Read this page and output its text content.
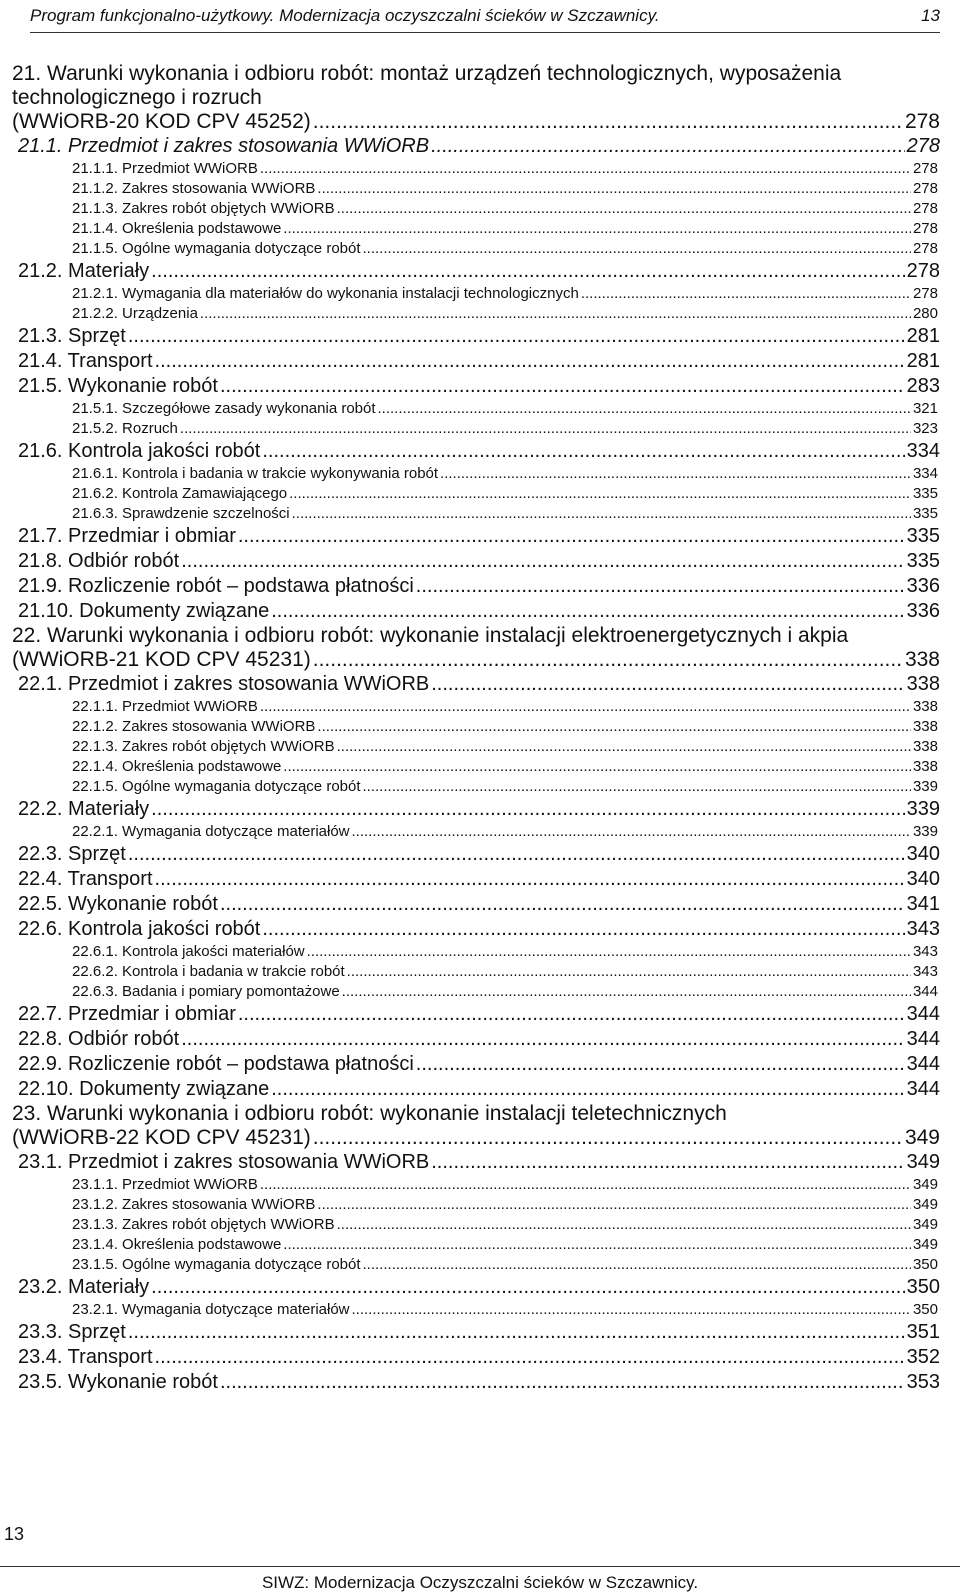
Program funkcjonalno-użytkowy. Modernizacja oczyszczalni ścieków w Szczawnicy.	13
21. Warunki wykonania i odbioru robót: montaż urządzeń technologicznych, wyposażenia
technologicznego i rozruch
(WWiORB-20 KOD CPV 45252) .....	278
21.1. Przedmiot i zakres stosowania WWiORB .....	278
21.1.1. Przedmiot WWiORB .....	278
21.1.2. Zakres stosowania WWiORB .....	278
21.1.3. Zakres robót objętych WWiORB .....	278
21.1.4. Określenia podstawowe .....	278
21.1.5. Ogólne wymagania dotyczące robót .....	278
21.2. Materiały .....	278
21.2.1. Wymagania dla materiałów do wykonania instalacji technologicznych .....	278
21.2.2. Urządzenia .....	280
21.3. Sprzęt .....	281
21.4. Transport .....	281
21.5. Wykonanie robót .....	283
21.5.1. Szczegółowe zasady wykonania robót .....	321
21.5.2. Rozruch .....	323
21.6. Kontrola jakości robót .....	334
21.6.1. Kontrola i badania w trakcie wykonywania robót .....	334
21.6.2. Kontrola Zamawiającego .....	335
21.6.3. Sprawdzenie szczelności .....	335
21.7. Przedmiar i obmiar .....	335
21.8. Odbiór robót .....	335
21.9. Rozliczenie robót – podstawa płatności .....	336
21.10. Dokumenty związane .....	336
22. Warunki wykonania i odbioru robót: wykonanie instalacji elektroenergetycznych i akpia
(WWiORB-21 KOD CPV 45231) .....	338
22.1. Przedmiot i zakres stosowania WWiORB .....	338
22.1.1. Przedmiot WWiORB .....	338
22.1.2. Zakres stosowania WWiORB .....	338
22.1.3. Zakres robót objętych WWiORB .....	338
22.1.4. Określenia podstawowe .....	338
22.1.5. Ogólne wymagania dotyczące robót .....	339
22.2. Materiały .....	339
22.2.1. Wymagania dotyczące materiałów .....	339
22.3. Sprzęt .....	340
22.4. Transport .....	340
22.5. Wykonanie robót .....	341
22.6. Kontrola jakości robót .....	343
22.6.1. Kontrola jakości materiałów .....	343
22.6.2. Kontrola i badania w trakcie robót .....	343
22.6.3. Badania i pomiary pomontażowe .....	344
22.7. Przedmiar i obmiar .....	344
22.8. Odbiór robót .....	344
22.9. Rozliczenie robót – podstawa płatności .....	344
22.10. Dokumenty związane .....	344
23. Warunki wykonania i odbioru robót: wykonanie instalacji teletechnicznych
(WWiORB-22 KOD CPV 45231) .....	349
23.1. Przedmiot i zakres stosowania WWiORB .....	349
23.1.1. Przedmiot WWiORB .....	349
23.1.2. Zakres stosowania WWiORB .....	349
23.1.3. Zakres robót objętych WWiORB .....	349
23.1.4. Określenia podstawowe .....	349
23.1.5. Ogólne wymagania dotyczące robót .....	350
23.2. Materiały .....	350
23.2.1. Wymagania dotyczące materiałów .....	350
23.3. Sprzęt .....	351
23.4. Transport .....	352
23.5. Wykonanie robót .....	353
13
SIWZ: Modernizacja Oczyszczalni ścieków w Szczawnicy.
